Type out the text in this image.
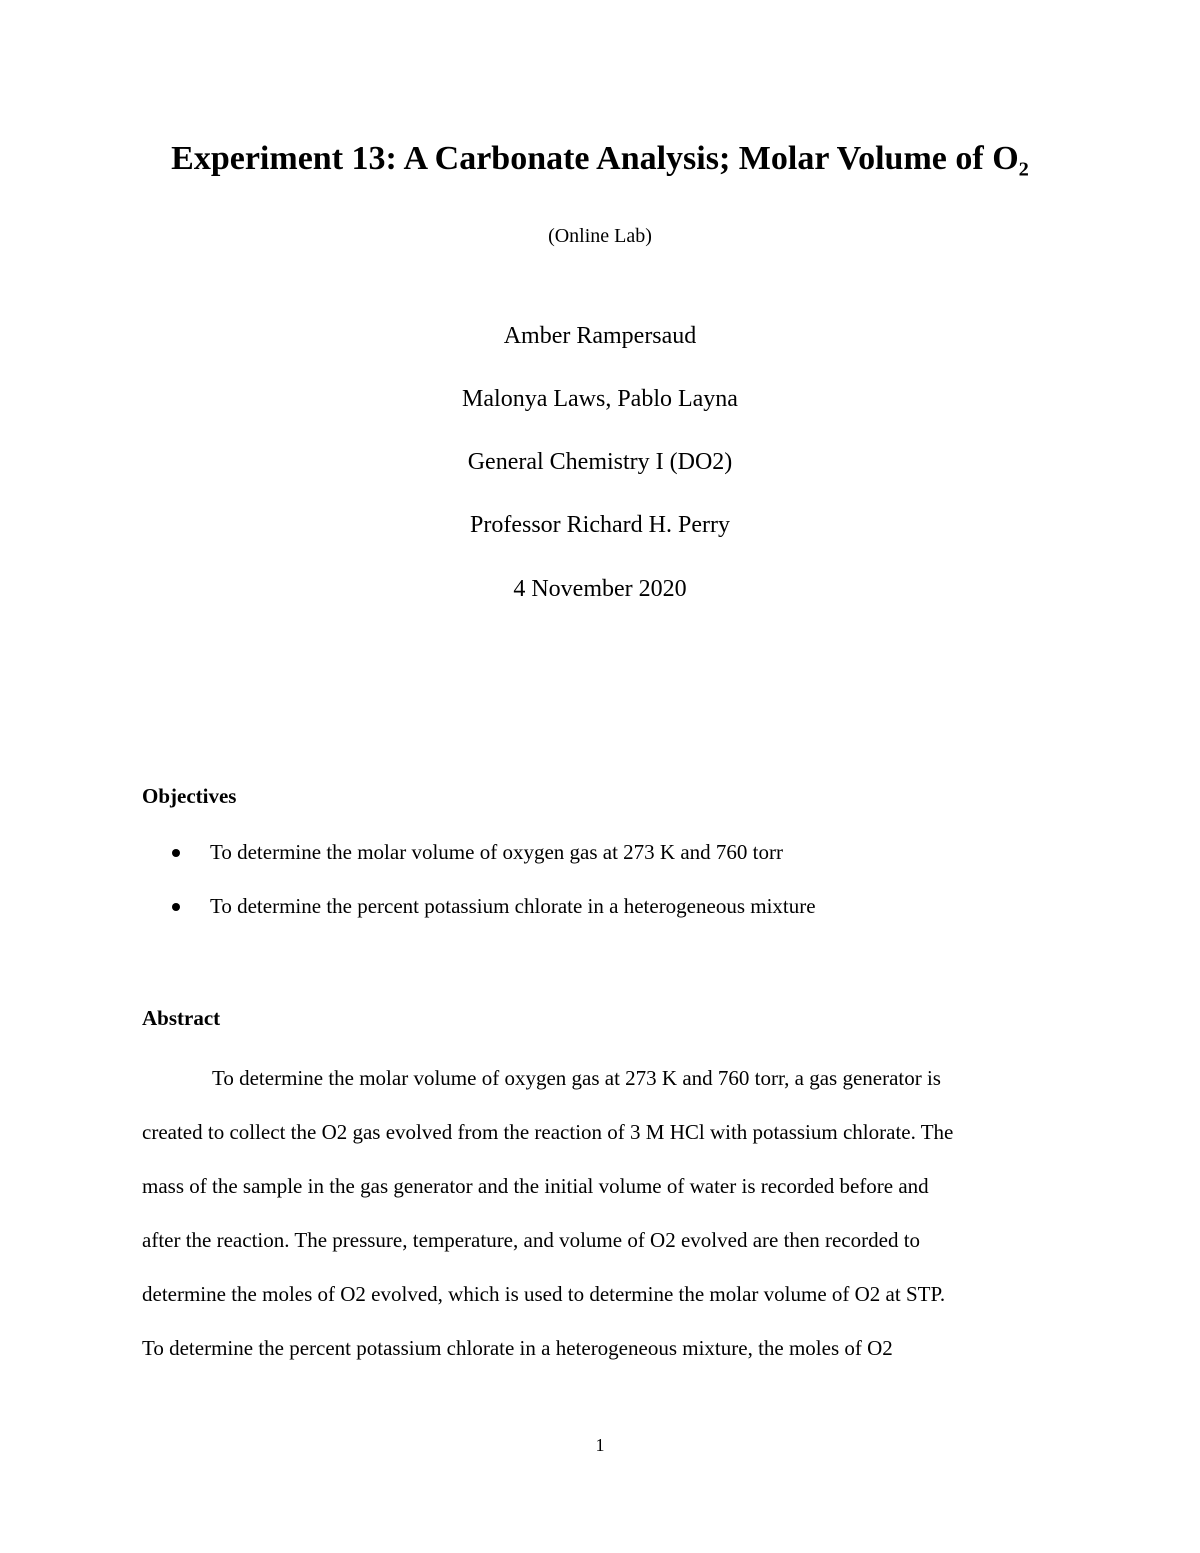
Experiment 13: A Carbonate Analysis; Molar Volume of O₂
(Online Lab)
Amber Rampersaud
Malonya Laws, Pablo Layna
General Chemistry I (DO2)
Professor Richard H. Perry
4 November 2020
Objectives
To determine the molar volume of oxygen gas at 273 K and 760 torr
To determine the percent potassium chlorate in a heterogeneous mixture
Abstract
To determine the molar volume of oxygen gas at 273 K and 760 torr, a gas generator is
created to collect the O2 gas evolved from the reaction of 3 M HCl with potassium chlorate. The
mass of the sample in the gas generator and the initial volume of water is recorded before and
after the reaction. The pressure, temperature, and volume of O2 evolved are then recorded to
determine the moles of O2 evolved, which is used to determine the molar volume of O2 at STP.
To determine the percent potassium chlorate in a heterogeneous mixture, the moles of O2
1
